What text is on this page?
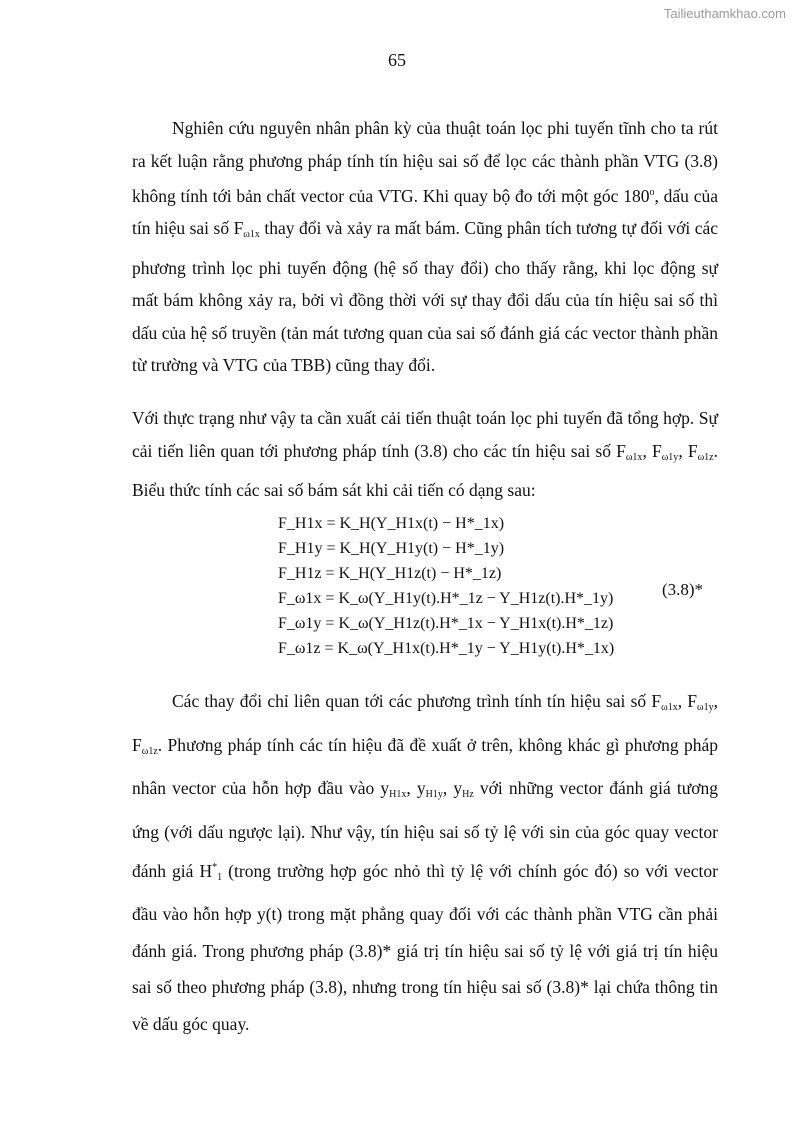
Tailieuthamkhao.com
65

Nghiên cứu nguyên nhân phân kỳ của thuật toán lọc phi tuyến tĩnh cho ta rút ra kết luận rằng phương pháp tính tín hiệu sai số để lọc các thành phần VTG (3.8) không tính tới bản chất vector của VTG. Khi quay bộ đo tới một góc 180$^o$, dấu của tín hiệu sai số $F_{\omega 1x}$ thay đổi và xảy ra mất bám. Cũng phân tích tương tự đối với các phương trình lọc phi tuyến động (hệ số thay đổi) cho thấy rằng, khi lọc động sự mất bám không xảy ra, bởi vì đồng thời với sự thay đổi dấu của tín hiệu sai số thì dấu của hệ số truyền (tản mát tương quan của sai số đánh giá các vector thành phần từ trường và VTG của TBB) cũng thay đổi.

Với thực trạng như vậy ta cần xuất cải tiến thuật toán lọc phi tuyến đã tổng hợp. Sự cải tiến liên quan tới phương pháp tính (3.8) cho các tín hiệu sai số $F_{\omega 1x}$, $F_{\omega 1y}$, $F_{\omega 1z}$. Biểu thức tính các sai số bám sát khi cải tiến có dạng sau:

F_H1x = K_H(Y_H1x(t) − H*_1x)
F_H1y = K_H(Y_H1y(t) − H*_1y)
F_H1z = K_H(Y_H1z(t) − H*_1z)
F_ω1x = K_ω(Y_H1y(t).H*_1z − Y_H1z(t).H*_1y)
F_ω1y = K_ω(Y_H1z(t).H*_1x − Y_H1x(t).H*_1z)
F_ω1z = K_ω(Y_H1x(t).H*_1y − Y_H1y(t).H*_1x)
(3.8)*

Các thay đổi chỉ liên quan tới các phương trình tính tín hiệu sai số $F_{\omega 1x}$, $F_{\omega 1y}$, $F_{\omega 1z}$. Phương pháp tính các tín hiệu đã đề xuất ở trên, không khác gì phương pháp nhân vector của hỗn hợp đầu vào $y_{H1x}$, $y_{H1y}$, $y_{Hz}$ với những vector đánh giá tương ứng (với dấu ngược lại). Như vậy, tín hiệu sai số tỷ lệ với sin của góc quay vector đánh giá $H^*_1$ (trong trường hợp góc nhỏ thì tỷ lệ với chính góc đó) so với vector đầu vào hỗn hợp y(t) trong mặt phẳng quay đối với các thành phần VTG cần phải đánh giá. Trong phương pháp (3.8)* giá trị tín hiệu sai số tỷ lệ với giá trị tín hiệu sai số theo phương pháp (3.8), nhưng trong tín hiệu sai số (3.8)* lại chứa thông tin về dấu góc quay.
